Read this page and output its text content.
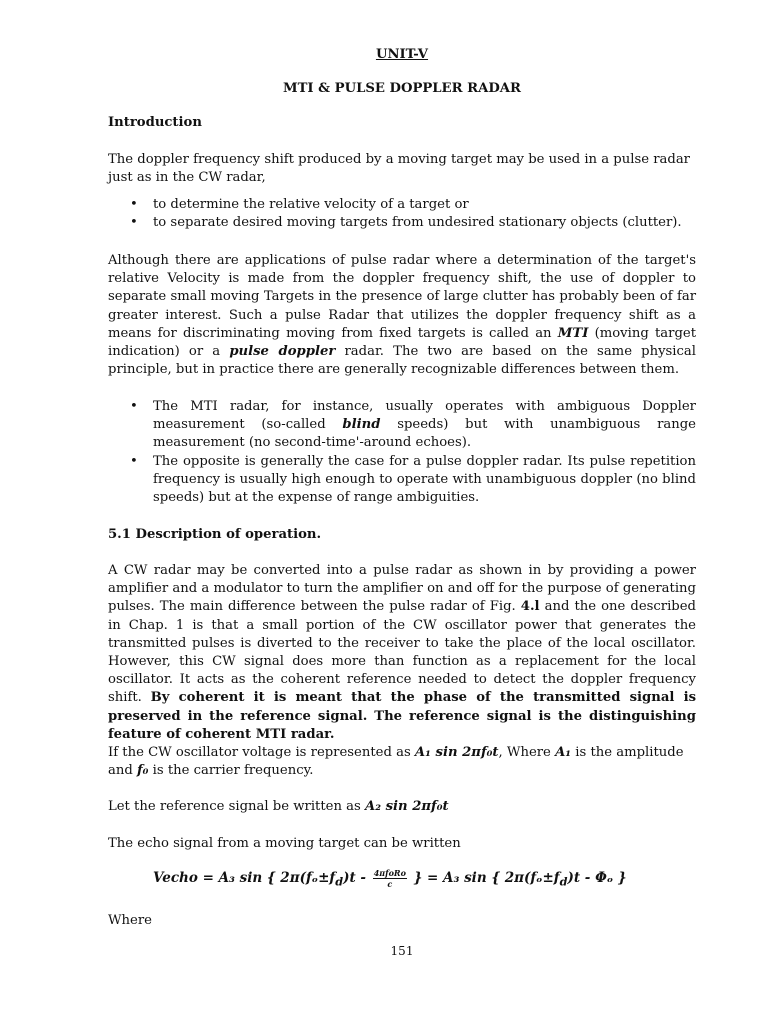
UNIT-V
MTI & PULSE DOPPLER RADAR
Introduction

The doppler frequency shift produced by a moving target may be used in a pulse radar just as in the CW radar,

• to determine the relative velocity of a target or
• to separate desired moving targets from undesired stationary objects (clutter).

Although there are applications of pulse radar where a determination of the target's relative Velocity is made from the doppler frequency shift, the use of doppler to separate small moving Targets in the presence of large clutter has probably been of far greater interest. Such a pulse Radar that utilizes the doppler frequency shift as a means for discriminating moving from fixed targets is called an MTI (moving target indication) or a pulse doppler radar. The two are based on the same physical principle, but in practice there are generally recognizable differences between them.

• The MTI radar, for instance, usually operates with ambiguous Doppler measurement (so-called blind speeds) but with unambiguous range measurement (no second-time'-around echoes).
• The opposite is generally the case for a pulse doppler radar. Its pulse repetition frequency is usually high enough to operate with unambiguous doppler (no blind speeds) but at the expense of range ambiguities.
5.1 Description of operation.

A CW radar may be converted into a pulse radar as shown in by providing a power amplifier and a modulator to turn the amplifier on and off for the purpose of generating pulses. The main difference between the pulse radar of Fig. 4.l and the one described in Chap. 1 is that a small portion of the CW oscillator power that generates the transmitted pulses is diverted to the receiver to take the place of the local oscillator. However, this CW signal does more than function as a replacement for the local oscillator. It acts as the coherent reference needed to detect the doppler frequency shift. By coherent it is meant that the phase of the transmitted signal is preserved in the reference signal. The reference signal is the distinguishing feature of coherent MTI radar.

If the CW oscillator voltage is represented as A₁ sin 2πf₀t, Where A₁ is the amplitude and f₀ is the carrier frequency.

Let the reference signal be written as A₂ sin 2πf₀t

The echo signal from a moving target can be written

Vecho = A₃ sin { $2\pi(f_o\pm f_d)t - \frac{\text{4πfoRo}}{c}$ } = A₃ sin { $2\pi(f_o\pm f_d)t - \Phi_o$ }

Where

151
